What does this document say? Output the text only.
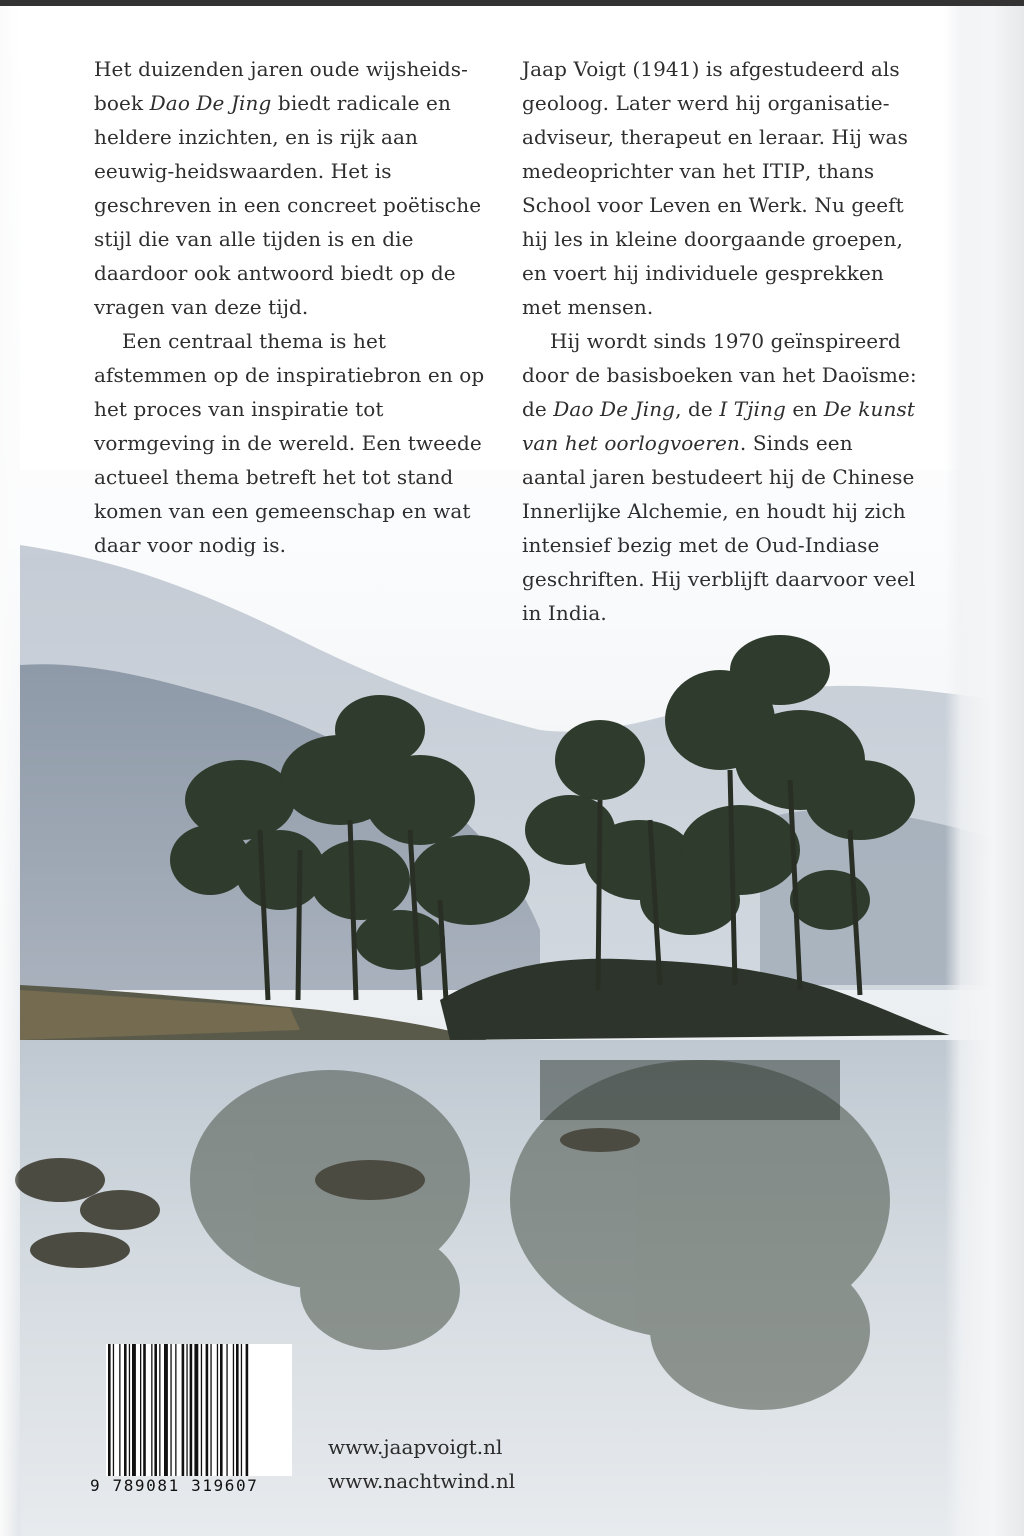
Het duizenden jaren oude wijsheids-boek Dao De Jing biedt radicale en heldere inzichten, en is rijk aan eeuwig-heidswaarden. Het is geschreven in een concreet poëtische stijl die van alle tijden is en die daardoor ook antwoord biedt op de vragen van deze tijd.

Een centraal thema is het afstemmen op de inspiratiebron en op het proces van inspiratie tot vormgeving in de wereld. Een tweede actueel thema betreft het tot stand komen van een gemeenschap en wat daar voor nodig is.

Jaap Voigt (1941) is afgestudeerd als geoloog. Later werd hij organisatie-adviseur, therapeut en leraar. Hij was medeoprichter van het ITIP, thans School voor Leven en Werk. Nu geeft hij les in kleine doorgaande groepen, en voert hij individuele gesprekken met mensen.

Hij wordt sinds 1970 geïnspireerd door de basisboeken van het Daoïsme: de Dao De Jing, de I Tjing en De kunst van het oorlogvoeren. Sinds een aantal jaren bestudeert hij de Chinese Innerlijke Alchemie, en houdt hij zich intensief bezig met de Oud-Indiase geschriften. Hij verblijft daarvoor veel in India.

9 789081 319607
www.jaapvoigt.nl
www.nachtwind.nl
